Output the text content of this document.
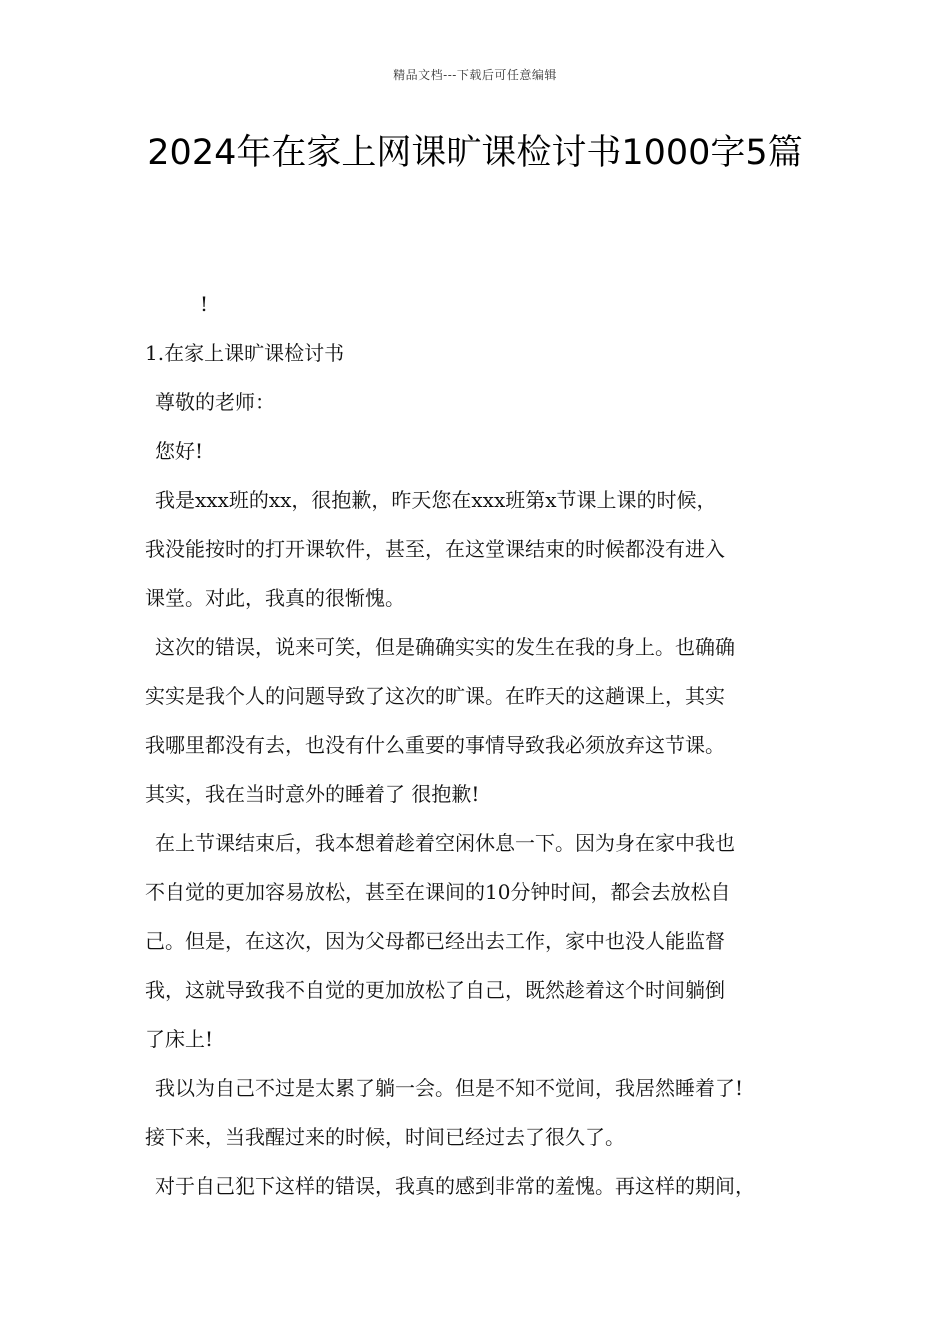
精品文档---下载后可任意编辑
2024年在家上网课旷课检讨书1000字5篇
!
1.在家上课旷课检讨书
尊敬的老师：
您好!
我是xxx班的xx，很抱歉，昨天您在xxx班第x节课上课的时候，
我没能按时的打开课软件，甚至，在这堂课结束的时候都没有进入
课堂。对此，我真的很惭愧。
这次的错误，说来可笑，但是确确实实的发生在我的身上。也确确
实实是我个人的问题导致了这次的旷课。在昨天的这趟课上，其实
我哪里都没有去，也没有什么重要的事情导致我必须放弃这节课。
其实，我在当时意外的睡着了 很抱歉!
在上节课结束后，我本想着趁着空闲休息一下。因为身在家中我也
不自觉的更加容易放松，甚至在课间的10分钟时间，都会去放松自
己。但是，在这次，因为父母都已经出去工作，家中也没人能监督
我，这就导致我不自觉的更加放松了自己，既然趁着这个时间躺倒
了床上!
我以为自己不过是太累了躺一会。但是不知不觉间，我居然睡着了!
接下来，当我醒过来的时候，时间已经过去了很久了。
对于自己犯下这样的错误，我真的感到非常的羞愧。再这样的期间，
